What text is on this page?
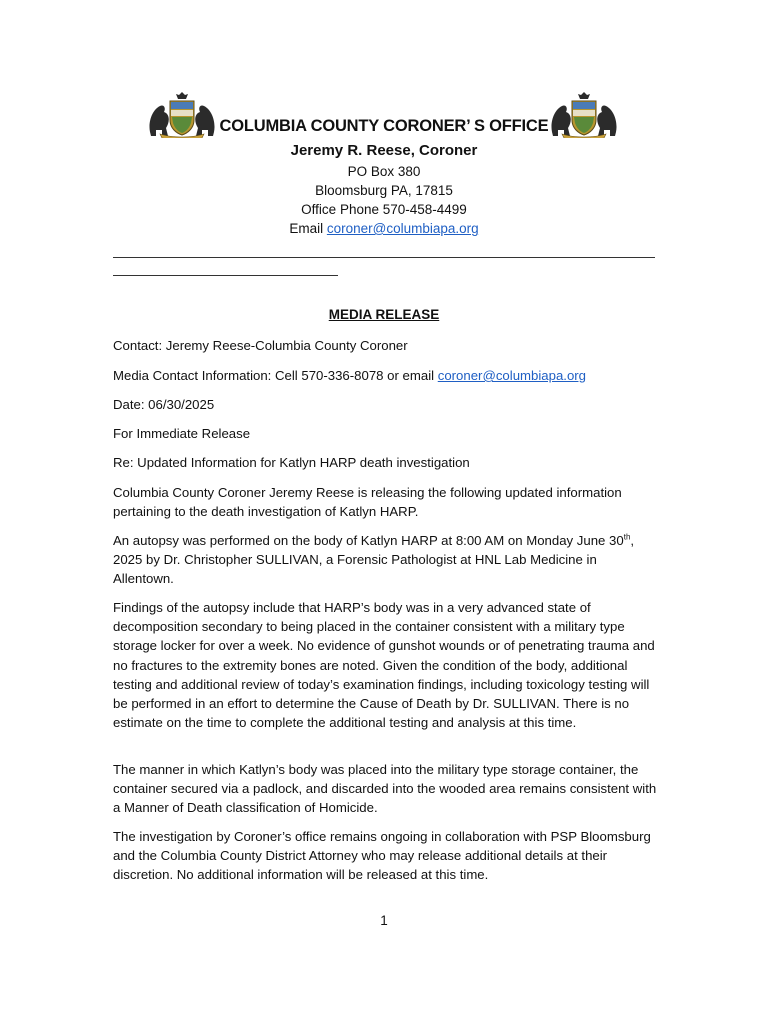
COLUMBIA COUNTY CORONER’ S OFFICE
Jeremy R. Reese, Coroner
PO Box 380
Bloomsburg PA, 17815
Office Phone 570-458-4499
Email coroner@columbiapa.org
MEDIA RELEASE

Contact: Jeremy Reese-Columbia County Coroner

Media Contact Information: Cell 570-336-8078 or email coroner@columbiapa.org

Date: 06/30/2025

For Immediate Release

Re: Updated Information for Katlyn HARP death investigation

Columbia County Coroner Jeremy Reese is releasing the following updated information pertaining to the death investigation of Katlyn HARP.

An autopsy was performed on the body of Katlyn HARP at 8:00 AM on Monday June 30th, 2025 by Dr. Christopher SULLIVAN, a Forensic Pathologist at HNL Lab Medicine in Allentown.

Findings of the autopsy include that HARP’s body was in a very advanced state of decomposition secondary to being placed in the container consistent with a military type storage locker for over a week. No evidence of gunshot wounds or of penetrating trauma and no fractures to the extremity bones are noted. Given the condition of the body, additional testing and additional review of today’s examination findings, including toxicology testing will be performed in an effort to determine the Cause of Death by Dr. SULLIVAN. There is no estimate on the time to complete the additional testing and analysis at this time.

The manner in which Katlyn’s body was placed into the military type storage container, the container secured via a padlock, and discarded into the wooded area remains consistent with a Manner of Death classification of Homicide.

The investigation by Coroner’s office remains ongoing in collaboration with PSP Bloomsburg and the Columbia County District Attorney who may release additional details at their discretion. No additional information will be released at this time.

1
